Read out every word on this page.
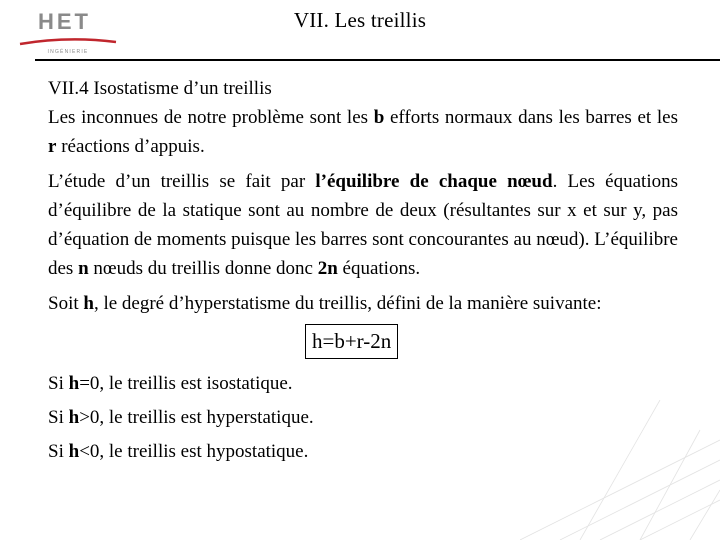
HET
INGÉNIERIE
VII. Les treillis

VII.4 Isostatisme d’un treillis

Les inconnues de notre problème sont les b efforts normaux dans les barres et les r réactions d’appuis.

L’étude d’un treillis se fait par l’équilibre de chaque nœud. Les équations d’équilibre de la statique sont au nombre de deux (résultantes sur x et sur y, pas d’équation de moments puisque les barres sont concourantes au nœud). L’équilibre des n nœuds du treillis donne donc 2n équations.

Soit h, le degré d’hyperstatisme du treillis, défini de la manière suivante:

h=b+r-2n

Si h=0, le treillis est isostatique.

Si h>0, le treillis est hyperstatique.

Si h<0, le treillis est hypostatique.
